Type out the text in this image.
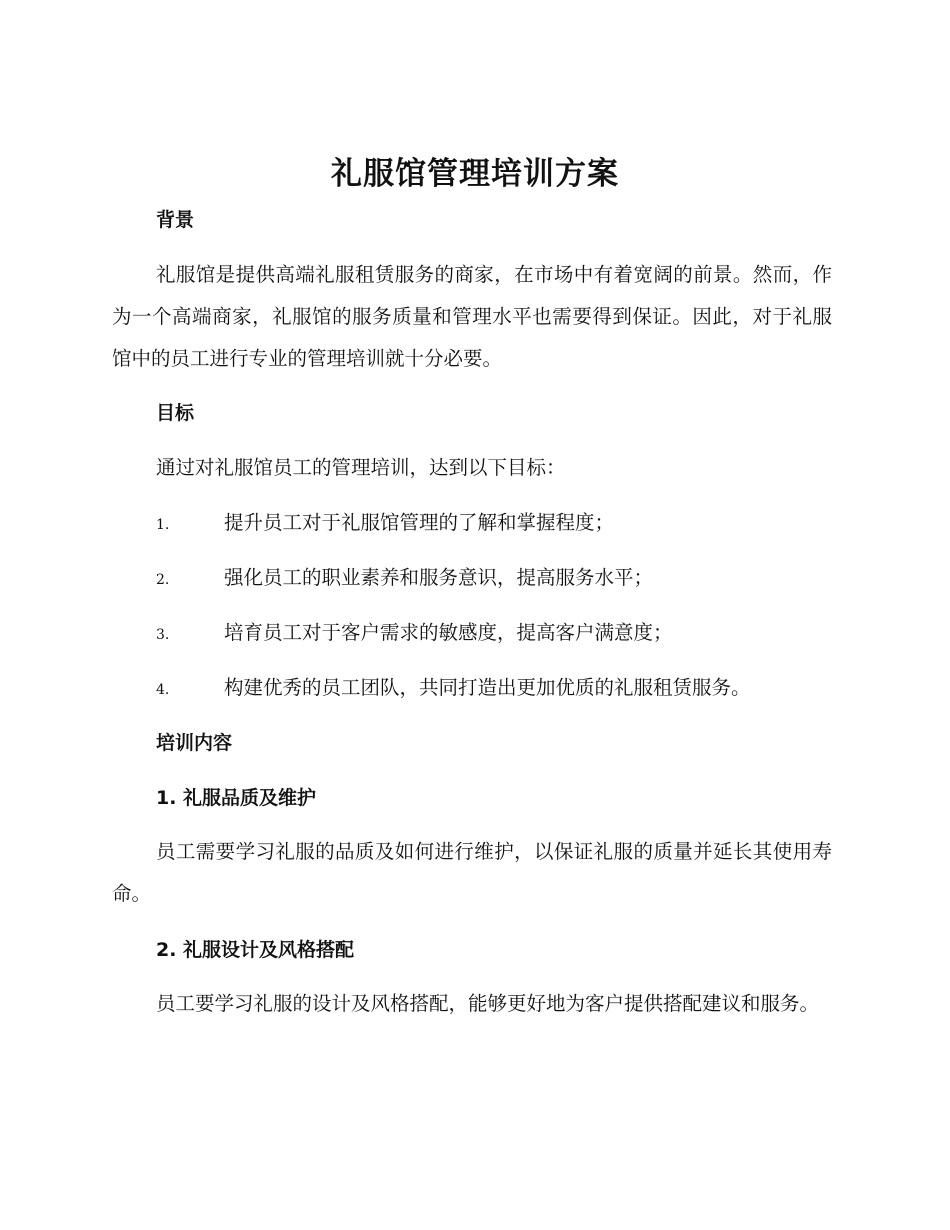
礼服馆管理培训方案
背景

礼服馆是提供高端礼服租赁服务的商家，在市场中有着宽阔的前景。然而，作为一个高端商家，礼服馆的服务质量和管理水平也需要得到保证。因此，对于礼服馆中的员工进行专业的管理培训就十分必要。

目标
通过对礼服馆员工的管理培训，达到以下目标：
1.	提升员工对于礼服馆管理的了解和掌握程度；
2.	强化员工的职业素养和服务意识，提高服务水平；
3.	培育员工对于客户需求的敏感度，提高客户满意度；
4.	构建优秀的员工团队，共同打造出更加优质的礼服租赁服务。
培训内容
1. 礼服品质及维护

员工需要学习礼服的品质及如何进行维护，以保证礼服的质量并延长其使用寿命。

2. 礼服设计及风格搭配

员工要学习礼服的设计及风格搭配，能够更好地为客户提供搭配建议和服务。
